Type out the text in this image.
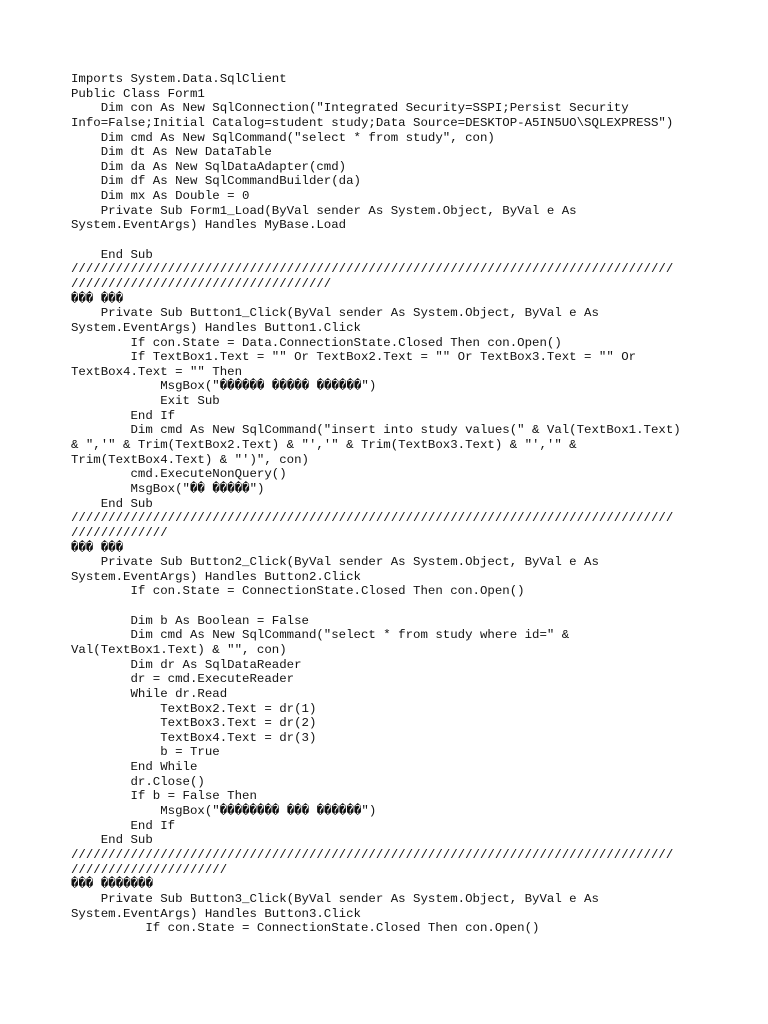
Imports System.Data.SqlClient
Public Class Form1
Dim con As New SqlConnection("Integrated Security=SSPI;Persist Security
Info=False;Initial Catalog=student study;Data Source=DESKTOP-A5IN5UO\SQLEXPRESS")
Dim cmd As New SqlCommand("select * from study", con)
Dim dt As New DataTable
Dim da As New SqlDataAdapter(cmd)
Dim df As New SqlCommandBuilder(da)
Dim mx As Double = 0
Private Sub Form1_Load(ByVal sender As System.Object, ByVal e As
System.EventArgs) Handles MyBase.Load
End Sub
/////////////////////////////////////////////////////////////////////////////////
///////////////////////////////////
��� ���
Private Sub Button1_Click(ByVal sender As System.Object, ByVal e As
System.EventArgs) Handles Button1.Click
If con.State = Data.ConnectionState.Closed Then con.Open()
If TextBox1.Text = "" Or TextBox2.Text = "" Or TextBox3.Text = "" Or
TextBox4.Text = "" Then
MsgBox("������ ����� ������")
Exit Sub
End If
Dim cmd As New SqlCommand("insert into study values(" & Val(TextBox1.Text)
& ",'" & Trim(TextBox2.Text) & "','" & Trim(TextBox3.Text) & "','" &
Trim(TextBox4.Text) & "')", con)
cmd.ExecuteNonQuery()
MsgBox("�� �����")
End Sub
/////////////////////////////////////////////////////////////////////////////////
/////////////
��� ���
Private Sub Button2_Click(ByVal sender As System.Object, ByVal e As
System.EventArgs) Handles Button2.Click
If con.State = ConnectionState.Closed Then con.Open()
Dim b As Boolean = False
Dim cmd As New SqlCommand("select * from study where id=" &
Val(TextBox1.Text) & "", con)
Dim dr As SqlDataReader
dr = cmd.ExecuteReader
While dr.Read
TextBox2.Text = dr(1)
TextBox3.Text = dr(2)
TextBox4.Text = dr(3)
b = True
End While
dr.Close()
If b = False Then
MsgBox("�������� ��� ������")
End If
End Sub
/////////////////////////////////////////////////////////////////////////////////
/////////////////////
��� �������
Private Sub Button3_Click(ByVal sender As System.Object, ByVal e As
System.EventArgs) Handles Button3.Click
If con.State = ConnectionState.Closed Then con.Open()
